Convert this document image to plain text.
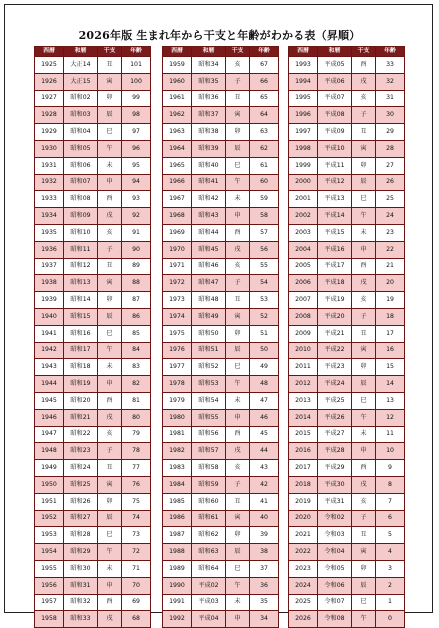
2026年版 生まれ年から干支と年齢がわかる表（昇順）
西暦	和暦	干支	年齢
1925	大正14	丑	101
1926	大正15	寅	100
1927	昭和02	卯	99
1928	昭和03	辰	98
1929	昭和04	巳	97
1930	昭和05	午	96
1931	昭和06	未	95
1932	昭和07	申	94
1933	昭和08	酉	93
1934	昭和09	戌	92
1935	昭和10	亥	91
1936	昭和11	子	90
1937	昭和12	丑	89
1938	昭和13	寅	88
1939	昭和14	卯	87
1940	昭和15	辰	86
1941	昭和16	巳	85
1942	昭和17	午	84
1943	昭和18	未	83
1944	昭和19	申	82
1945	昭和20	酉	81
1946	昭和21	戌	80
1947	昭和22	亥	79
1948	昭和23	子	78
1949	昭和24	丑	77
1950	昭和25	寅	76
1951	昭和26	卯	75
1952	昭和27	辰	74
1953	昭和28	巳	73
1954	昭和29	午	72
1955	昭和30	未	71
1956	昭和31	申	70
1957	昭和32	酉	69
1958	昭和33	戌	68
西暦	和暦	干支	年齢
1959	昭和34	亥	67
1960	昭和35	子	66
1961	昭和36	丑	65
1962	昭和37	寅	64
1963	昭和38	卯	63
1964	昭和39	辰	62
1965	昭和40	巳	61
1966	昭和41	午	60
1967	昭和42	未	59
1968	昭和43	申	58
1969	昭和44	酉	57
1970	昭和45	戌	56
1971	昭和46	亥	55
1972	昭和47	子	54
1973	昭和48	丑	53
1974	昭和49	寅	52
1975	昭和50	卯	51
1976	昭和51	辰	50
1977	昭和52	巳	49
1978	昭和53	午	48
1979	昭和54	未	47
1980	昭和55	申	46
1981	昭和56	酉	45
1982	昭和57	戌	44
1983	昭和58	亥	43
1984	昭和59	子	42
1985	昭和60	丑	41
1986	昭和61	寅	40
1987	昭和62	卯	39
1988	昭和63	辰	38
1989	昭和64	巳	37
1990	平成02	午	36
1991	平成03	未	35
1992	平成04	申	34
西暦	和暦	干支	年齢
1993	平成05	酉	33
1994	平成06	戌	32
1995	平成07	亥	31
1996	平成08	子	30
1997	平成09	丑	29
1998	平成10	寅	28
1999	平成11	卯	27
2000	平成12	辰	26
2001	平成13	巳	25
2002	平成14	午	24
2003	平成15	未	23
2004	平成16	申	22
2005	平成17	酉	21
2006	平成18	戌	20
2007	平成19	亥	19
2008	平成20	子	18
2009	平成21	丑	17
2010	平成22	寅	16
2011	平成23	卯	15
2012	平成24	辰	14
2013	平成25	巳	13
2014	平成26	午	12
2015	平成27	未	11
2016	平成28	申	10
2017	平成29	酉	9
2018	平成30	戌	8
2019	平成31	亥	7
2020	令和02	子	6
2021	令和03	丑	5
2022	令和04	寅	4
2023	令和05	卯	3
2024	令和06	辰	2
2025	令和07	巳	1
2026	令和08	午	0
